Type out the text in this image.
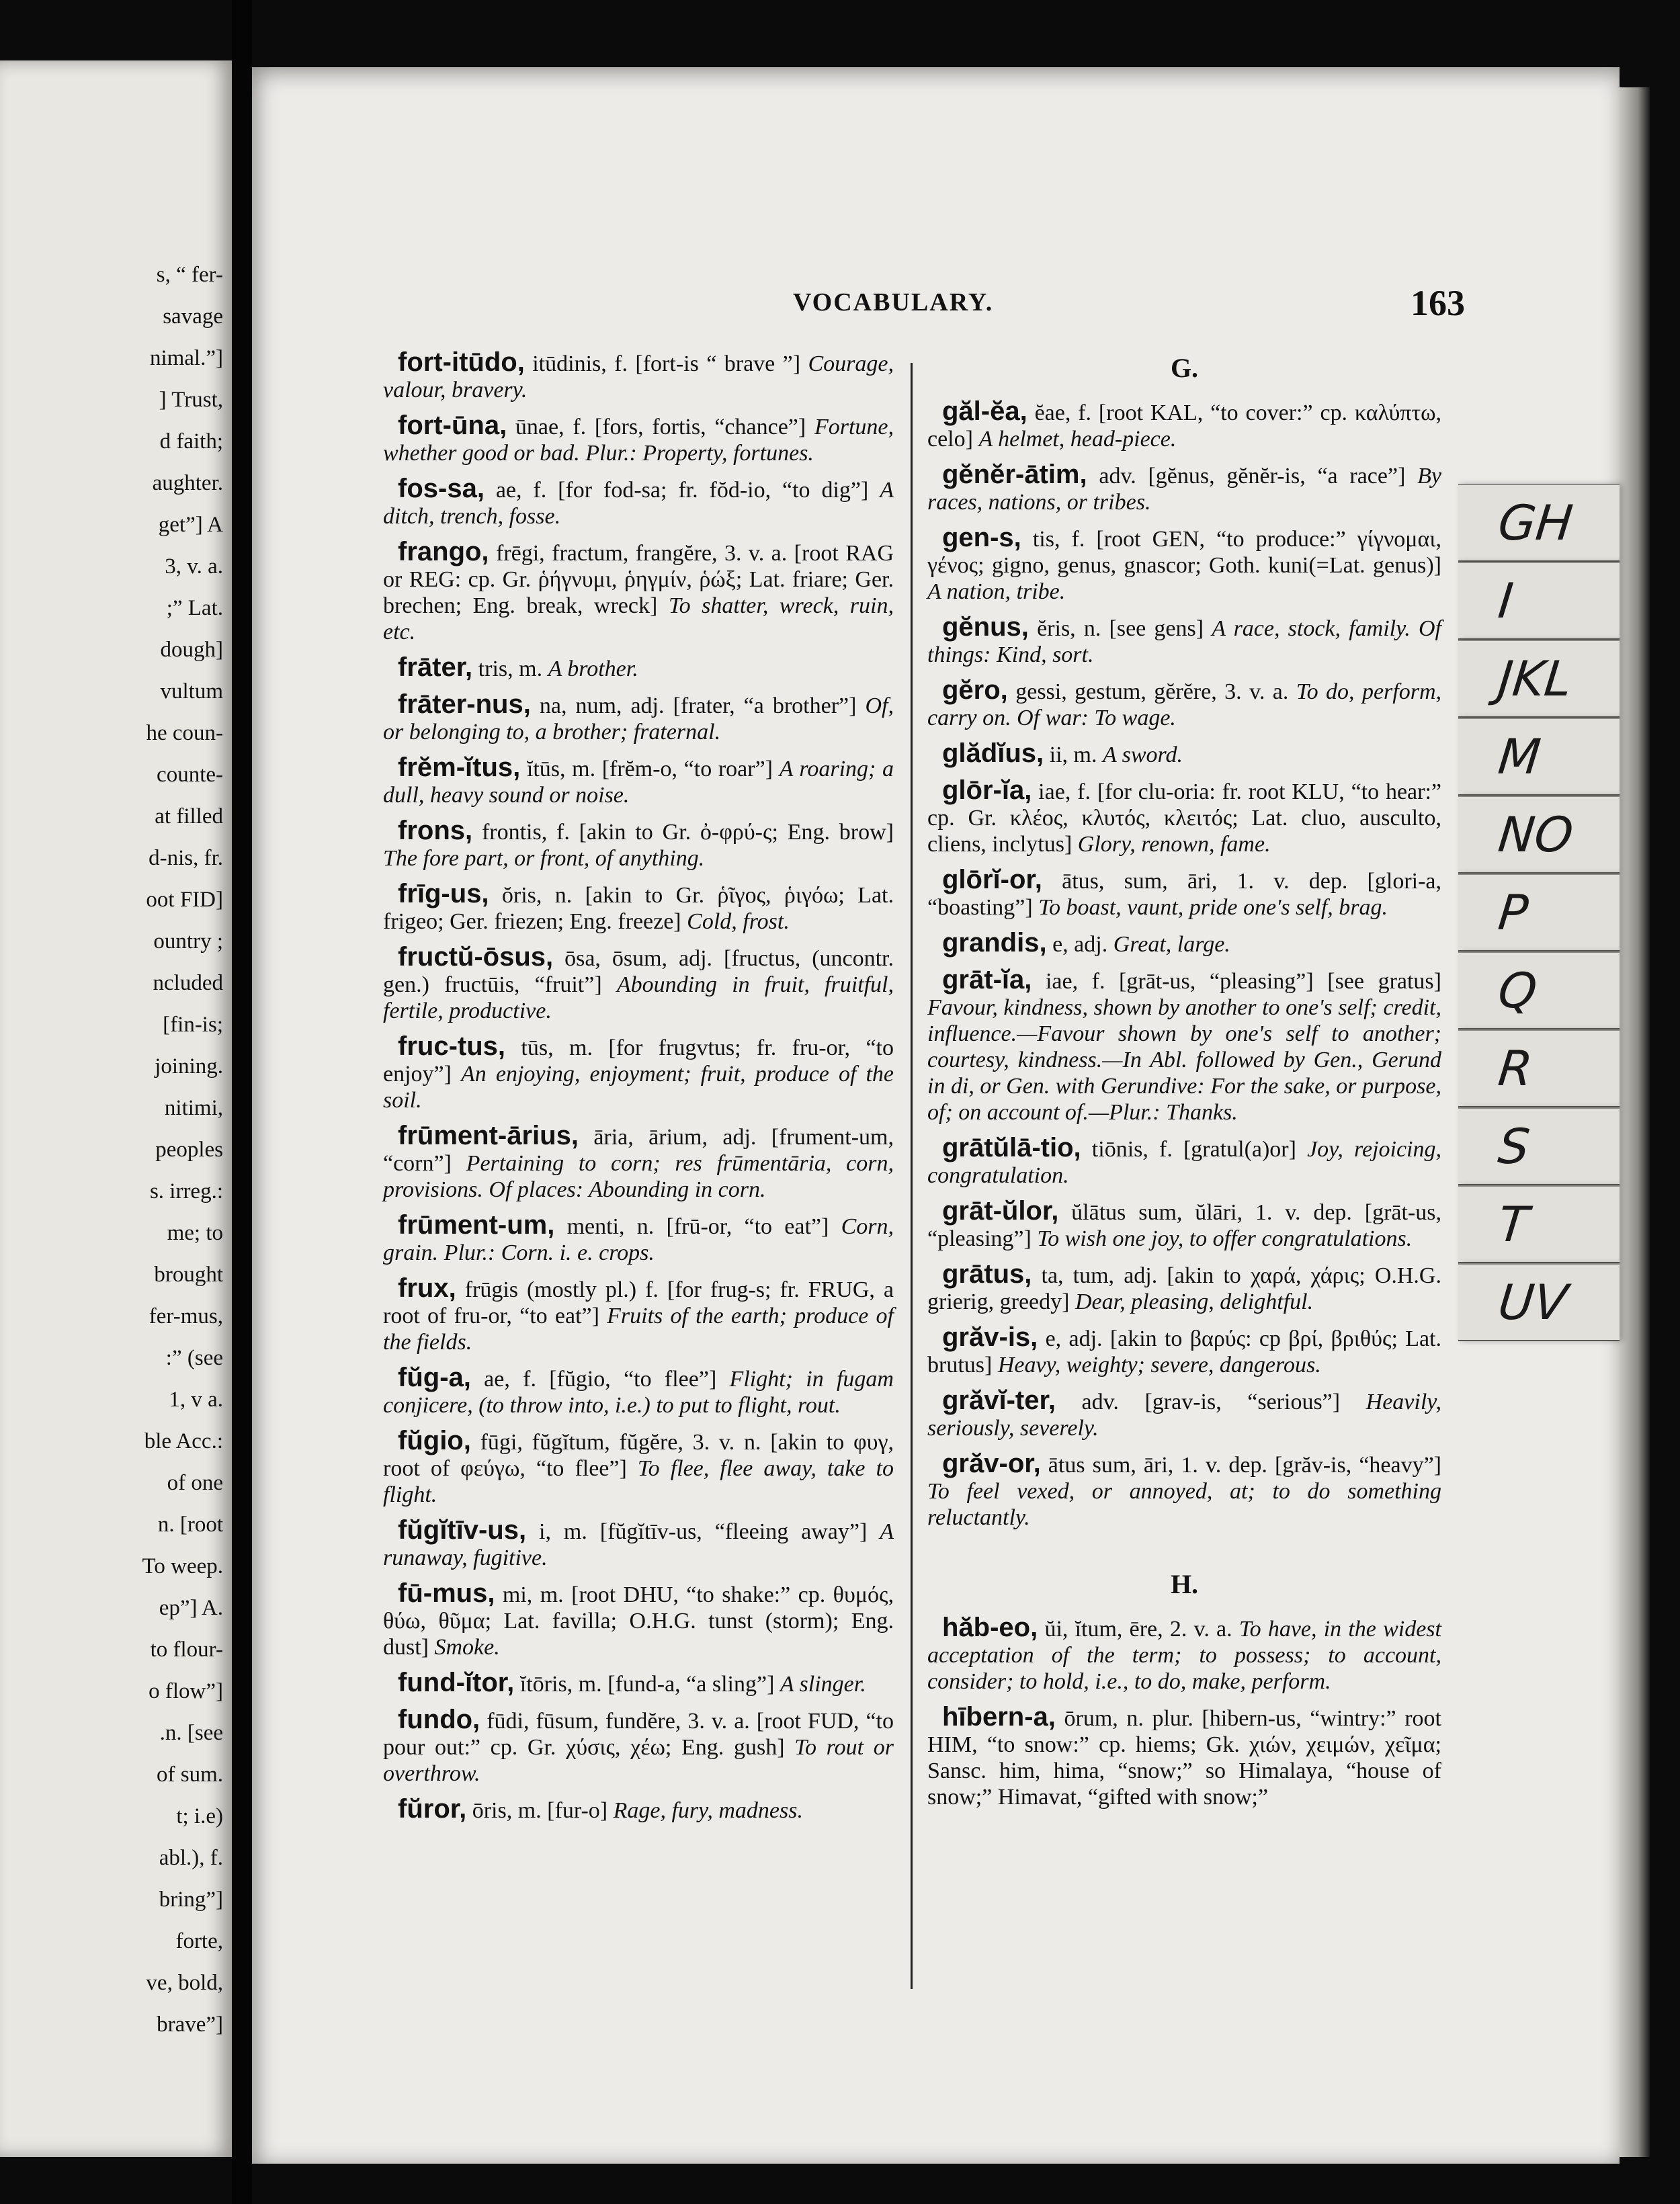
s, “ fer-
savage
nimal.”]
] Trust,
d faith;
aughter.
get”] A
3, v. a.
;” Lat.
dough]
vultum
he coun-
counte-
at filled
d-nis, fr.
oot FID]
ountry ;
ncluded
[fin-is;
joining.
nitimi,
peoples
s. irreg.:
me; to
brought
fer-mus,
:” (see
1, v a.
ble Acc.:
of one
n. [root
To weep.
ep”] A.
to flour-
o flow”]
.n. [see
of sum.
t; i.e)
abl.), f.
bring”]
forte,
ve, bold,
brave”]
VOCABULARY.	163
fort-itūdo, itūdinis, f. [fort-is “ brave ”] Courage, valour, bravery.
fort-ūna, ūnae, f. [fors, fortis, “chance”] Fortune, whether good or bad. Plur.: Property, fortunes.
fos-sa, ae, f. [for fod-sa; fr. fŏd-io, “to dig”] A ditch, trench, fosse.
frango, frēgi, fractum, frangĕre, 3. v. a. [root RAG or REG: cp. Gr. ῥήγνυμι, ῥηγμίν, ῥώξ; Lat. friare; Ger. brechen; Eng. break, wreck] To shatter, wreck, ruin, etc.
frāter, tris, m. A brother.
frāter-nus, na, num, adj. [frater, “a brother”] Of, or belonging to, a brother; fraternal.
frĕm-ĭtus, ĭtūs, m. [frĕm-o, “to roar”] A roaring; a dull, heavy sound or noise.
frons, frontis, f. [akin to Gr. ὀ-φρύ-ς; Eng. brow] The fore part, or front, of anything.
frīg-us, ŏris, n. [akin to Gr. ῥῖγος, ῥιγόω; Lat. frigeo; Ger. friezen; Eng. freeze] Cold, frost.
fructŭ-ōsus, ōsa, ōsum, adj. [fructus, (uncontr. gen.) fructūis, “fruit”] Abounding in fruit, fruitful, fertile, productive.
fruc-tus, tūs, m. [for frugvtus; fr. fru-or, “to enjoy”] An enjoying, enjoyment; fruit, produce of the soil.
frūment-ārius, āria, ārium, adj. [frument-um, “corn”] Pertaining to corn; res frūmentāria, corn, provisions. Of places: Abounding in corn.
frūment-um, menti, n. [frū-or, “to eat”] Corn, grain. Plur.: Corn. i. e. crops.
frux, frūgis (mostly pl.) f. [for frug-s; fr. FRUG, a root of fru-or, “to eat”] Fruits of the earth; produce of the fields.
fŭg-a, ae, f. [fŭgio, “to flee”] Flight; in fugam conjicere, (to throw into, i.e.) to put to flight, rout.
fŭgio, fūgi, fŭgĭtum, fŭgĕre, 3. v. n. [akin to φυγ, root of φεύγω, “to flee”] To flee, flee away, take to flight.
fŭgĭtīv-us, i, m. [fŭgĭtīv-us, “fleeing away”] A runaway, fugitive.
fū-mus, mi, m. [root DHU, “to shake:” cp. θυμός, θύω, θῦμα; Lat. favilla; O.H.G. tunst (storm); Eng. dust] Smoke.
fund-ĭtor, ĭtōris, m. [fund-a, “a sling”] A slinger.
fundo, fūdi, fūsum, fundĕre, 3. v. a. [root FUD, “to pour out:” cp. Gr. χύσις, χέω; Eng. gush] To rout or overthrow.
fŭror, ōris, m. [fur-o] Rage, fury, madness.
G.
găl-ĕa, ĕae, f. [root KAL, “to cover:” cp. καλύπτω, celo] A helmet, head-piece.
gĕnĕr-ātim, adv. [gĕnus, gĕnĕr-is, “a race”] By races, nations, or tribes.
gen-s, tis, f. [root GEN, “to produce:” γίγνομαι, γένος; gigno, genus, gnascor; Goth. kuni(=Lat. genus)] A nation, tribe.
gĕnus, ĕris, n. [see gens] A race, stock, family. Of things: Kind, sort.
gĕro, gessi, gestum, gĕrĕre, 3. v. a. To do, perform, carry on. Of war: To wage.
glădĭus, ii, m. A sword.
glōr-ĭa, iae, f. [for clu-oria: fr. root KLU, “to hear:” cp. Gr. κλέος, κλυτός, κλειτός; Lat. cluo, ausculto, cliens, inclytus] Glory, renown, fame.
glōrĭ-or, ātus, sum, āri, 1. v. dep. [glori-a, “boasting”] To boast, vaunt, pride one's self, brag.
grandis, e, adj. Great, large.
grāt-ĭa, iae, f. [grāt-us, “pleasing”] [see gratus] Favour, kindness, shown by another to one's self; credit, influence.—Favour shown by one's self to another; courtesy, kindness.—In Abl. followed by Gen., Gerund in di, or Gen. with Gerundive: For the sake, or purpose, of; on account of.—Plur.: Thanks.
grātŭlā-tio, tiōnis, f. [gratul(a)or] Joy, rejoicing, congratulation.
grāt-ŭlor, ŭlātus sum, ŭlāri, 1. v. dep. [grāt-us, “pleasing”] To wish one joy, to offer congratulations.
grātus, ta, tum, adj. [akin to χαρά, χάρις; O.H.G. grierig, greedy] Dear, pleasing, delightful.
grăv-is, e, adj. [akin to βαρύς: cp βρί, βριθύς; Lat. brutus] Heavy, weighty; severe, dangerous.
grăvĭ-ter, adv. [grav-is, “serious”] Heavily, seriously, severely.
grăv-or, ātus sum, āri, 1. v. dep. [grăv-is, “heavy”] To feel vexed, or annoyed, at; to do something reluctantly.
H.
hăb-eo, ŭi, ĭtum, ēre, 2. v. a. To have, in the widest acceptation of the term; to possess; to account, consider; to hold, i.e., to do, make, perform.
hībern-a, ōrum, n. plur. [hibern-us, “wintry:” root HIM, “to snow:” cp. hiems; Gk. χιών, χειμών, χεῖμα; Sansc. him, hima, “snow;” so Himalaya, “house of snow;” Himavat, “gifted with snow;”
GH
I
JKL
M
NO
P
Q
R
S
T
UV
